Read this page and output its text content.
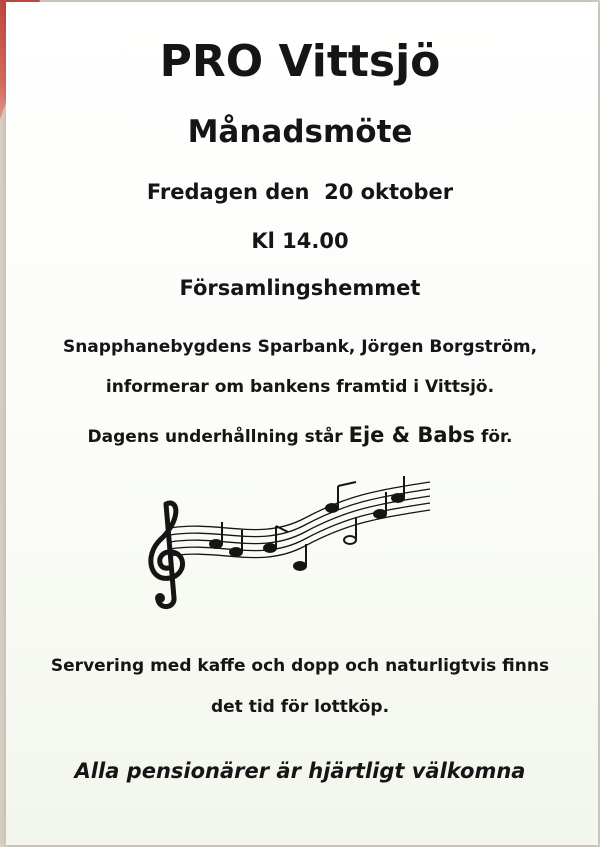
PRO Vittsjö
Månadsmöte
Fredagen den  20 oktober
Kl 14.00
Församlingshemmet
Snapphanebygdens Sparbank, Jörgen Borgström,
informerar om bankens framtid i Vittsjö.
Dagens underhållning står Eje & Babs för.
Servering med kaffe och dopp och naturligtvis finns
det tid för lottköp.
Alla pensionärer är hjärtligt välkomna
